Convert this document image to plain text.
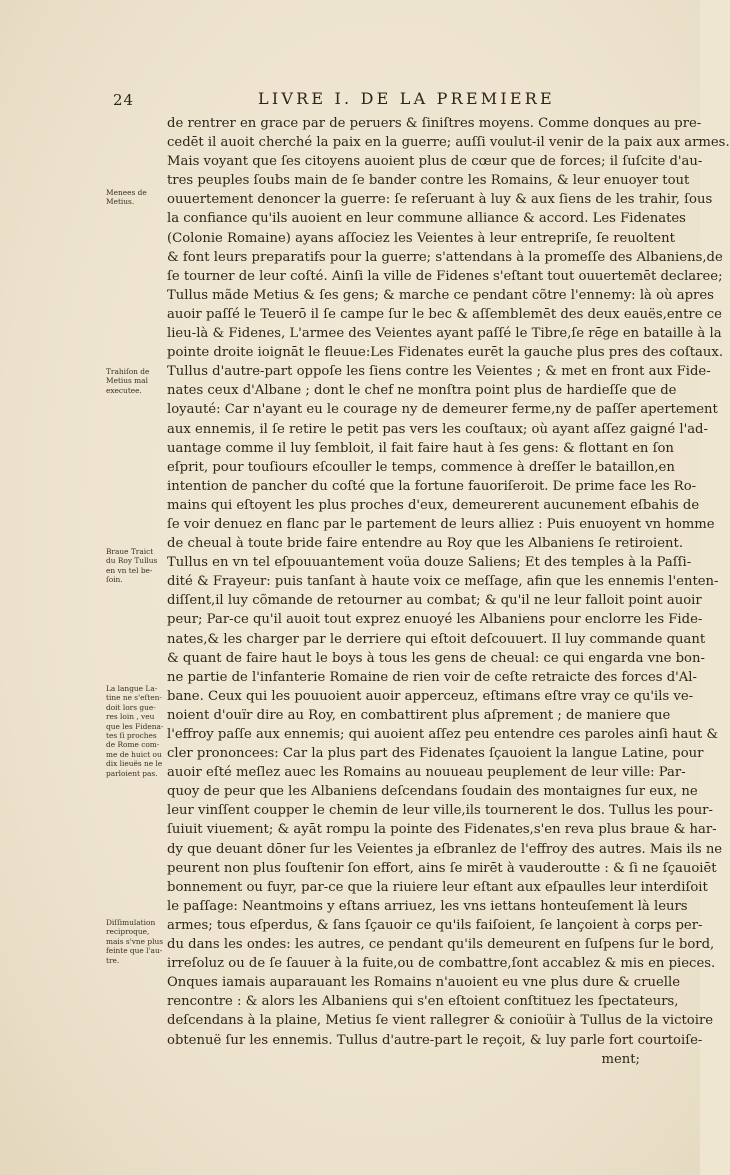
24	LIVRE I. DE LA PREMIERE
de rentrer en grace par de peruers & ſiniſtres moyens. Comme donques au pre-
cedēt il auoit cherché la paix en la guerre; auſſi voulut-il venir de la paix aux armes.
Mais voyant que ſes citoyens auoient plus de cœur que de forces; il ſuſcite d'au-
tres peuples ſoubs main de ſe bander contre les Romains, & leur enuoyer tout
ouuertement denoncer la guerre: ſe reſeruant à luy & aux ſiens de les trahir, ſous
la confiance qu'ils auoient en leur commune alliance & accord. Les Fidenates
(Colonie Romaine) ayans aſſociez les Veientes à leur entrepriſe, ſe reuoltent
& font leurs preparatifs pour la guerre; s'attendans à la promeſſe des Albaniens,de
ſe tourner de leur coſté. Ainſi la ville de Fidenes s'eſtant tout ouuertemēt declaree;
Tullus mãde Metius & ſes gens; & marche ce pendant cõtre l'ennemy: là où apres
auoir paſſé le Teuerō il ſe campe ſur le bec & aſſemblemēt des deux eauës,entre ce
lieu-là & Fidenes, L'armee des Veientes ayant paſſé le Tibre,ſe rēge en bataille à la
pointe droite ioignāt le fleuue:Les Fidenates eurēt la gauche plus pres des coſtaux.
Tullus d'autre-part oppoſe les ſiens contre les Veientes ; & met en front aux Fide-
nates ceux d'Albane ; dont le chef ne monſtra point plus de hardieſſe que de
loyauté: Car n'ayant eu le courage ny de demeurer ferme,ny de paſſer apertement
aux ennemis, il ſe retire le petit pas vers les couſtaux; où ayant aſſez gaigné l'ad-
uantage comme il luy ſembloit, il fait faire haut à ſes gens: & flottant en ſon
eſprit, pour touſiours eſcouller le temps, commence à dreſſer le bataillon,en
intention de pancher du coſté que la fortune fauoriſeroit. De prime face les Ro-
mains qui eſtoyent les plus proches d'eux, demeurerent aucunement eſbahis de
ſe voir denuez en flanc par le partement de leurs alliez : Puis enuoyent vn homme
de cheual à toute bride faire entendre au Roy que les Albaniens ſe retiroient.
Tullus en vn tel eſpouuantement voüa douze Saliens; Et des temples à la Paſſi-
dité & Frayeur: puis tanſant à haute voix ce meſſage, afin que les ennemis l'enten-
diſſent,il luy cõmande de retourner au combat; & qu'il ne leur falloit point auoir
peur; Par-ce qu'il auoit tout exprez enuoyé les Albaniens pour enclorre les Fide-
nates,& les charger par le derriere qui eſtoit deſcouuert. Il luy commande quant
& quant de faire haut le boys à tous les gens de cheual: ce qui engarda vne bon-
ne partie de l'infanterie Romaine de rien voir de ceſte retraicte des forces d'Al-
bane. Ceux qui les pouuoient auoir apperceuz, eſtimans eſtre vray ce qu'ils ve-
noient d'ouïr dire au Roy, en combattirent plus aſprement ; de maniere que
l'effroy paſſe aux ennemis; qui auoient aſſez peu entendre ces paroles ainſi haut &
cler prononcees: Car la plus part des Fidenates ſçauoient la langue Latine, pour
auoir eſté meſlez auec les Romains au nouueau peuplement de leur ville: Par-
quoy de peur que les Albaniens deſcendans ſoudain des montaignes ſur eux, ne
leur vinſſent coupper le chemin de leur ville,ils tournerent le dos. Tullus les pour-
ſuiuit viuement; & ayāt rompu la pointe des Fidenates,s'en reva plus braue & har-
dy que deuant dōner ſur les Veientes ja eſbranlez de l'effroy des autres. Mais ils ne
peurent non plus ſouſtenir ſon effort, ains ſe mirēt à vauderoutte : & ſi ne ſçauoiēt
bonnement ou fuyr, par-ce que la riuiere leur eſtant aux eſpaulles leur interdiſoit
le paſſage: Neantmoins y eſtans arriuez, les vns iettans honteuſement là leurs
armes; tous eſperdus, & ſans ſçauoir ce qu'ils faiſoient, ſe lançoient à corps per-
du dans les ondes: les autres, ce pendant qu'ils demeurent en ſuſpens ſur le bord,
irreſoluz ou de ſe ſauuer à la fuite,ou de combattre,ſont accablez & mis en pieces.
Onques iamais auparauant les Romains n'auoient eu vne plus dure & cruelle
rencontre : & alors les Albaniens qui s'en eſtoient conſtituez les ſpectateurs,
deſcendans à la plaine, Metius ſe vient rallegrer & conioüir à Tullus de la victoire
obtenuë ſur les ennemis. Tullus d'autre-part le reçoit, & luy parle fort courtoiſe-
ment;
Menees de
Metius.
Trahiſon de
Metius mal
executee.
Braue Traict
du Roy Tullus
en vn tel be-
ſoin.
La langue La-
tine ne s'eſten-
doit lors gue-
res loin , veu
que les Fidena-
tes ſi proches
de Rome com-
me de huict ou
dix lieuës ne le
parloient pas.
Diſſimulation
reciproque,
mais s'vne plus
feinte que l'au-
tre.
